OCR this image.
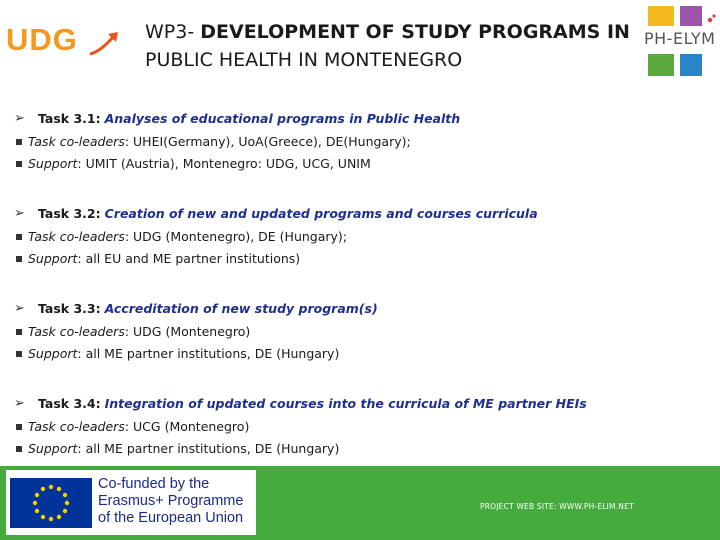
UDG	WP3- DEVELOPMENT OF STUDY PROGRAMS IN
PUBLIC HEALTH IN MONTENEGRO
PH-ELYM
➢	Task 3.1: Analyses of educational programs in Public Health
Task co-leaders : UHEI(Germany), UoA(Greece), DE(Hungary);
Support : UMIT (Austria), Montenegro: UDG, UCG, UNIM
➢	Task 3.2: Creation of new and updated programs and courses curricula
Task co-leaders : UDG (Montenegro), DE (Hungary);
Support : all EU and ME partner institutions)
➢	Task 3.3: Accreditation of new study program(s)
Task co-leaders : UDG (Montenegro)
Support : all ME partner institutions, DE (Hungary)
➢	Task 3.4: Integration of updated courses into the curricula of ME partner HEIs
Task co-leaders : UCG (Montenegro)
Support : all ME partner institutions, DE (Hungary)
Co-funded by the
Erasmus+ Programme
of the European Union
PROJECT WEB SITE: WWW.PH-ELIM.NET
